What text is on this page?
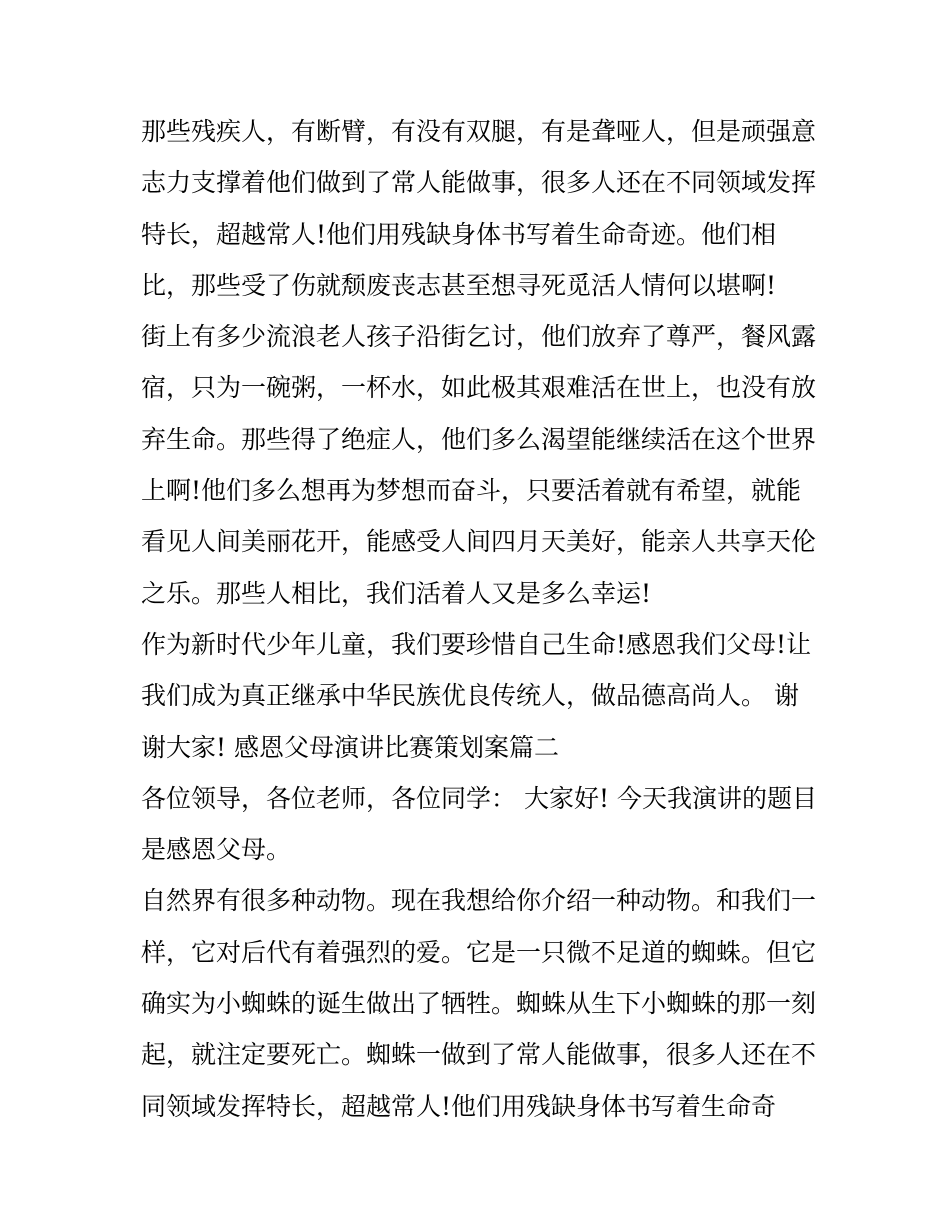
那些残疾人，有断臂，有没有双腿，有是聋哑人，但是顽强意
志力支撑着他们做到了常人能做事，很多人还在不同领域发挥
特长，超越常人!他们用残缺身体书写着生命奇迹。他们相
比，那些受了伤就颓废丧志甚至想寻死觅活人情何以堪啊!
街上有多少流浪老人孩子沿街乞讨，他们放弃了尊严，餐风露
宿，只为一碗粥，一杯水，如此极其艰难活在世上，也没有放
弃生命。那些得了绝症人，他们多么渴望能继续活在这个世界
上啊!他们多么想再为梦想而奋斗，只要活着就有希望，就能
看见人间美丽花开，能感受人间四月天美好，能亲人共享天伦
之乐。那些人相比，我们活着人又是多么幸运!
作为新时代少年儿童，我们要珍惜自己生命!感恩我们父母!让
我们成为真正继承中华民族优良传统人，做品德高尚人。 谢
谢大家! 感恩父母演讲比赛策划案篇二
各位领导，各位老师，各位同学： 大家好! 今天我演讲的题目
是感恩父母。
自然界有很多种动物。现在我想给你介绍一种动物。和我们一
样，它对后代有着强烈的爱。它是一只微不足道的蜘蛛。但它
确实为小蜘蛛的诞生做出了牺牲。蜘蛛从生下小蜘蛛的那一刻
起，就注定要死亡。蜘蛛一做到了常人能做事，很多人还在不
同领域发挥特长，超越常人!他们用残缺身体书写着生命奇
